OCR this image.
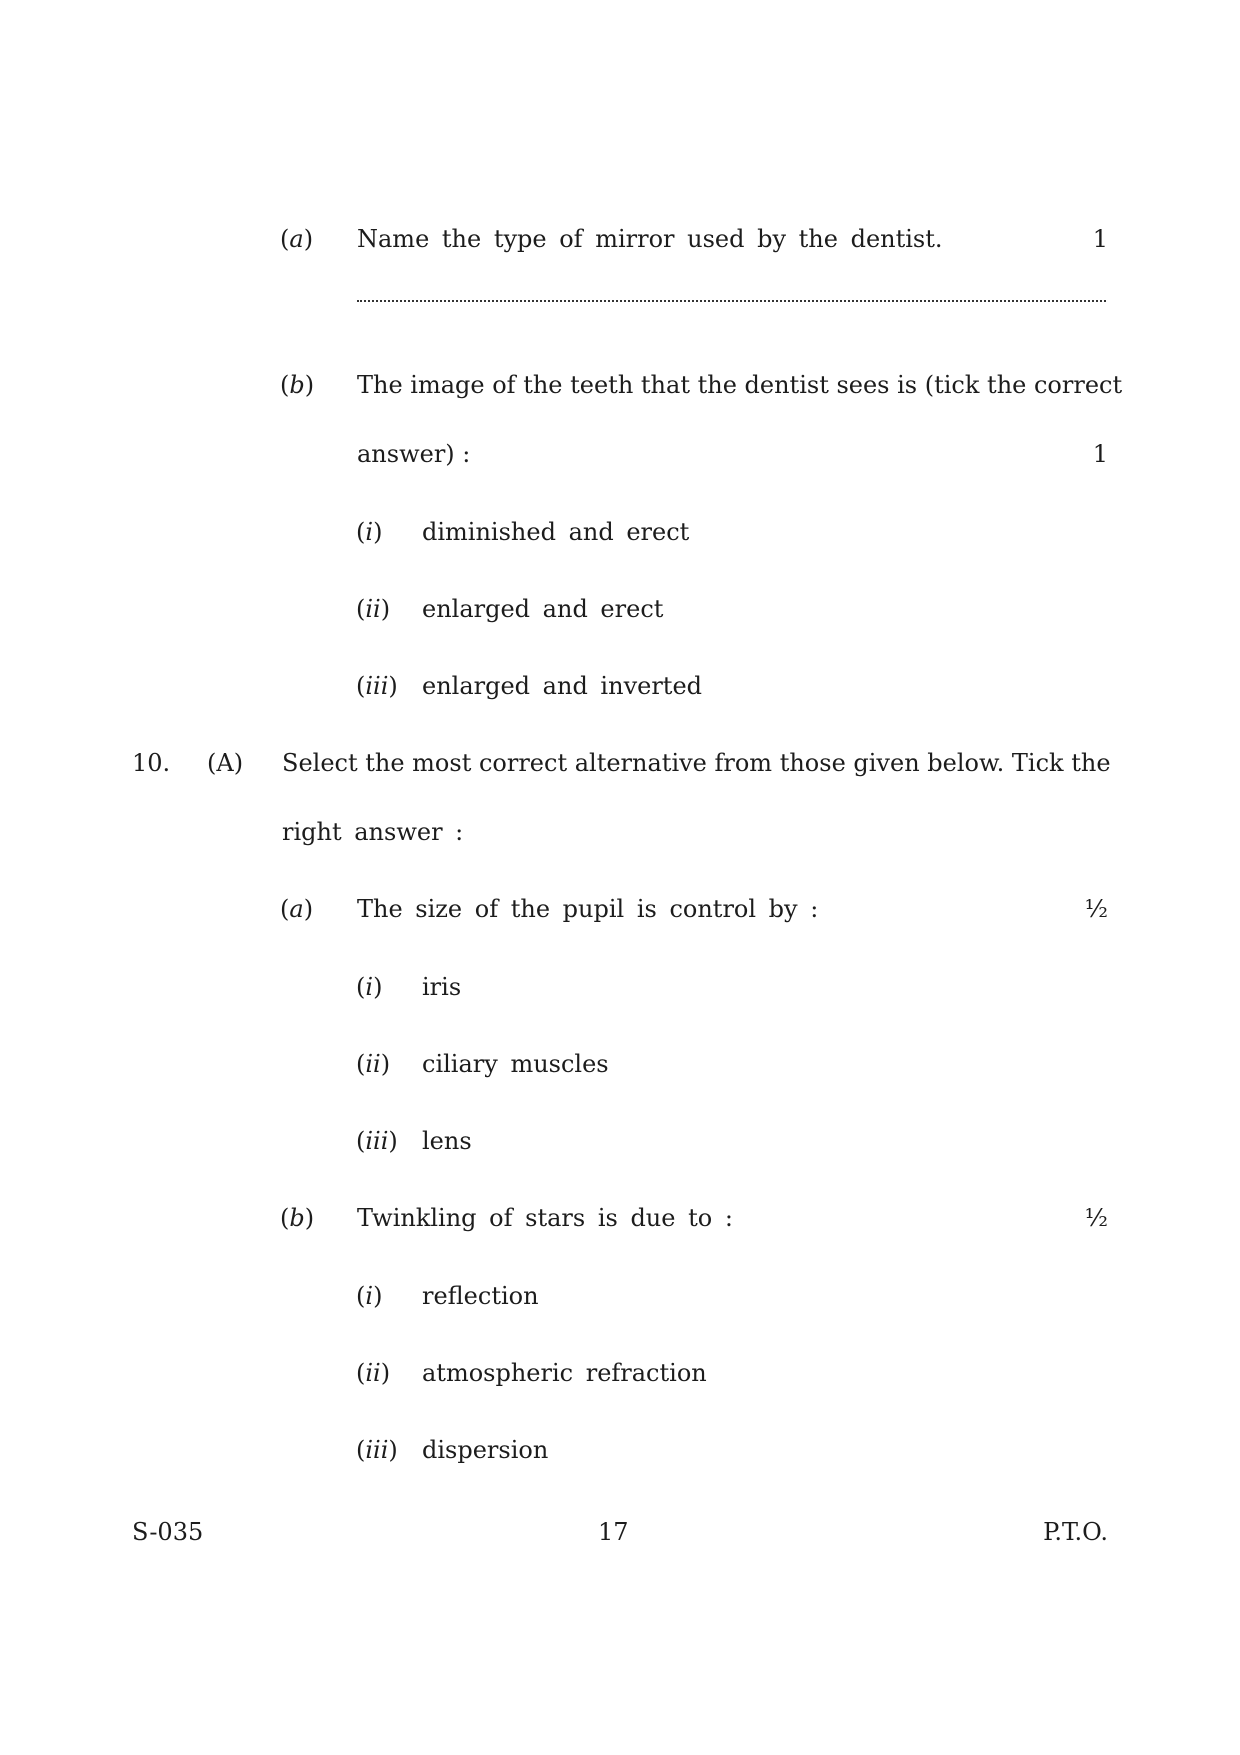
(a) Name the type of mirror used by the dentist.	1
(b) The image of the teeth that the dentist sees is (tick the correct
answer) :	1
(i) diminished and erect
(ii) enlarged and erect
(iii) enlarged and inverted
10. (A) Select the most correct alternative from those given below. Tick the
right answer :
(a) The size of the pupil is control by :	½
(i) iris
(ii) ciliary muscles
(iii) lens
(b) Twinkling of stars is due to :	½
(i) reflection
(ii) atmospheric refraction
(iii) dispersion
S-035	17	P.T.O.
